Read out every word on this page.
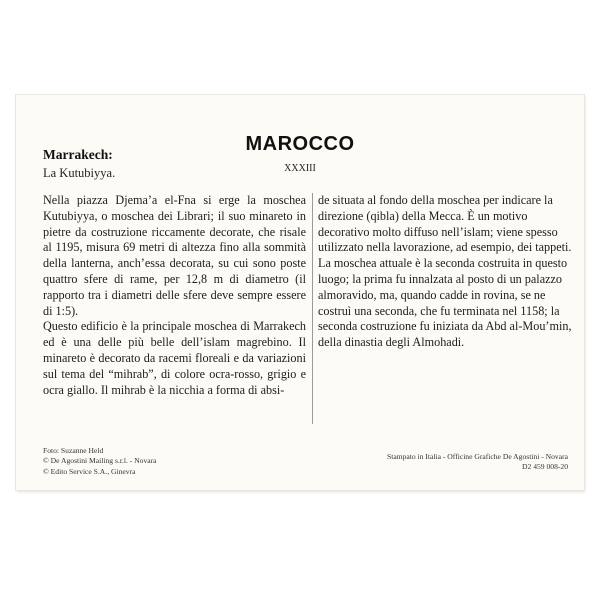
MAROCCO
XXXIII
Marrakech:
La Kutubiyya.

Nella piazza Djema’a el-Fna si erge la moschea Kutubiyya, o moschea dei Librari; il suo minareto in pietre da costruzione riccamente decorate, che risale al 1195, misura 69 metri di altezza fino alla sommità della lanterna, anch’essa decorata, su cui sono poste quattro sfere di rame, per 12,8 m di diametro (il rapporto tra i diametri delle sfere deve sempre essere di 1:5).

Questo edificio è la principale moschea di Marrakech ed è una delle più belle dell’islam magrebino. Il minareto è decorato da racemi floreali e da variazioni sul tema del “mihrab”, di colore ocra-rosso, grigio e ocra giallo. Il mihrab è la nicchia a forma di absi-

de situata al fondo della moschea per indicare la direzione (qibla) della Mecca. È un motivo decorativo molto diffuso nell’islam; viene spesso utilizzato nella lavorazione, ad esempio, dei tappeti.

La moschea attuale è la seconda costruita in questo luogo; la prima fu innalzata al posto di un palazzo almoravido, ma, quando cadde in rovina, se ne costruì una seconda, che fu terminata nel 1158; la seconda costruzione fu iniziata da Abd al-Mou’min, della dinastia degli Almohadi.

Foto: Suzanne Held
© De Agostini Mailing s.r.l. - Novara
© Edito Service S.A., Ginevra
Stampato in Italia - Officine Grafiche De Agostini - Novara
D2 459 008-20
